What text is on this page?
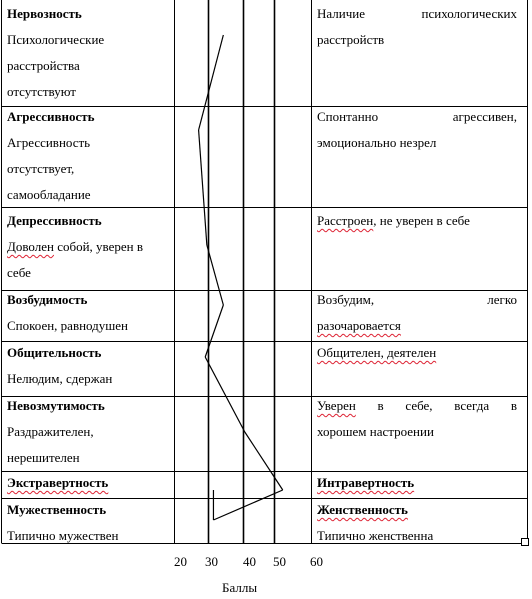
Нервозность
Психологические
расстройства
отсутствуют
Наличие психологических
расстройств
Агрессивность
Агрессивность
отсутствует,
самообладание
Спонтанно агрессивен,
эмоционально незрел
Депрессивность
Доволен собой, уверен в
себе
Расстроен, не уверен в себе
Возбудимость
Спокоен, равнодушен
Возбудим, легко
разочаровается
Общительность
Нелюдим, сдержан
Общителен, деятелен
Невозмутимость
Раздражителен,
нерешителен
Уверен в себе, всегда в
хорошем настроении
Экстравертность	Интравертность
Мужественность
Типично мужествен
Женственность
Типично женственна
20 30 40 50 60
Баллы
